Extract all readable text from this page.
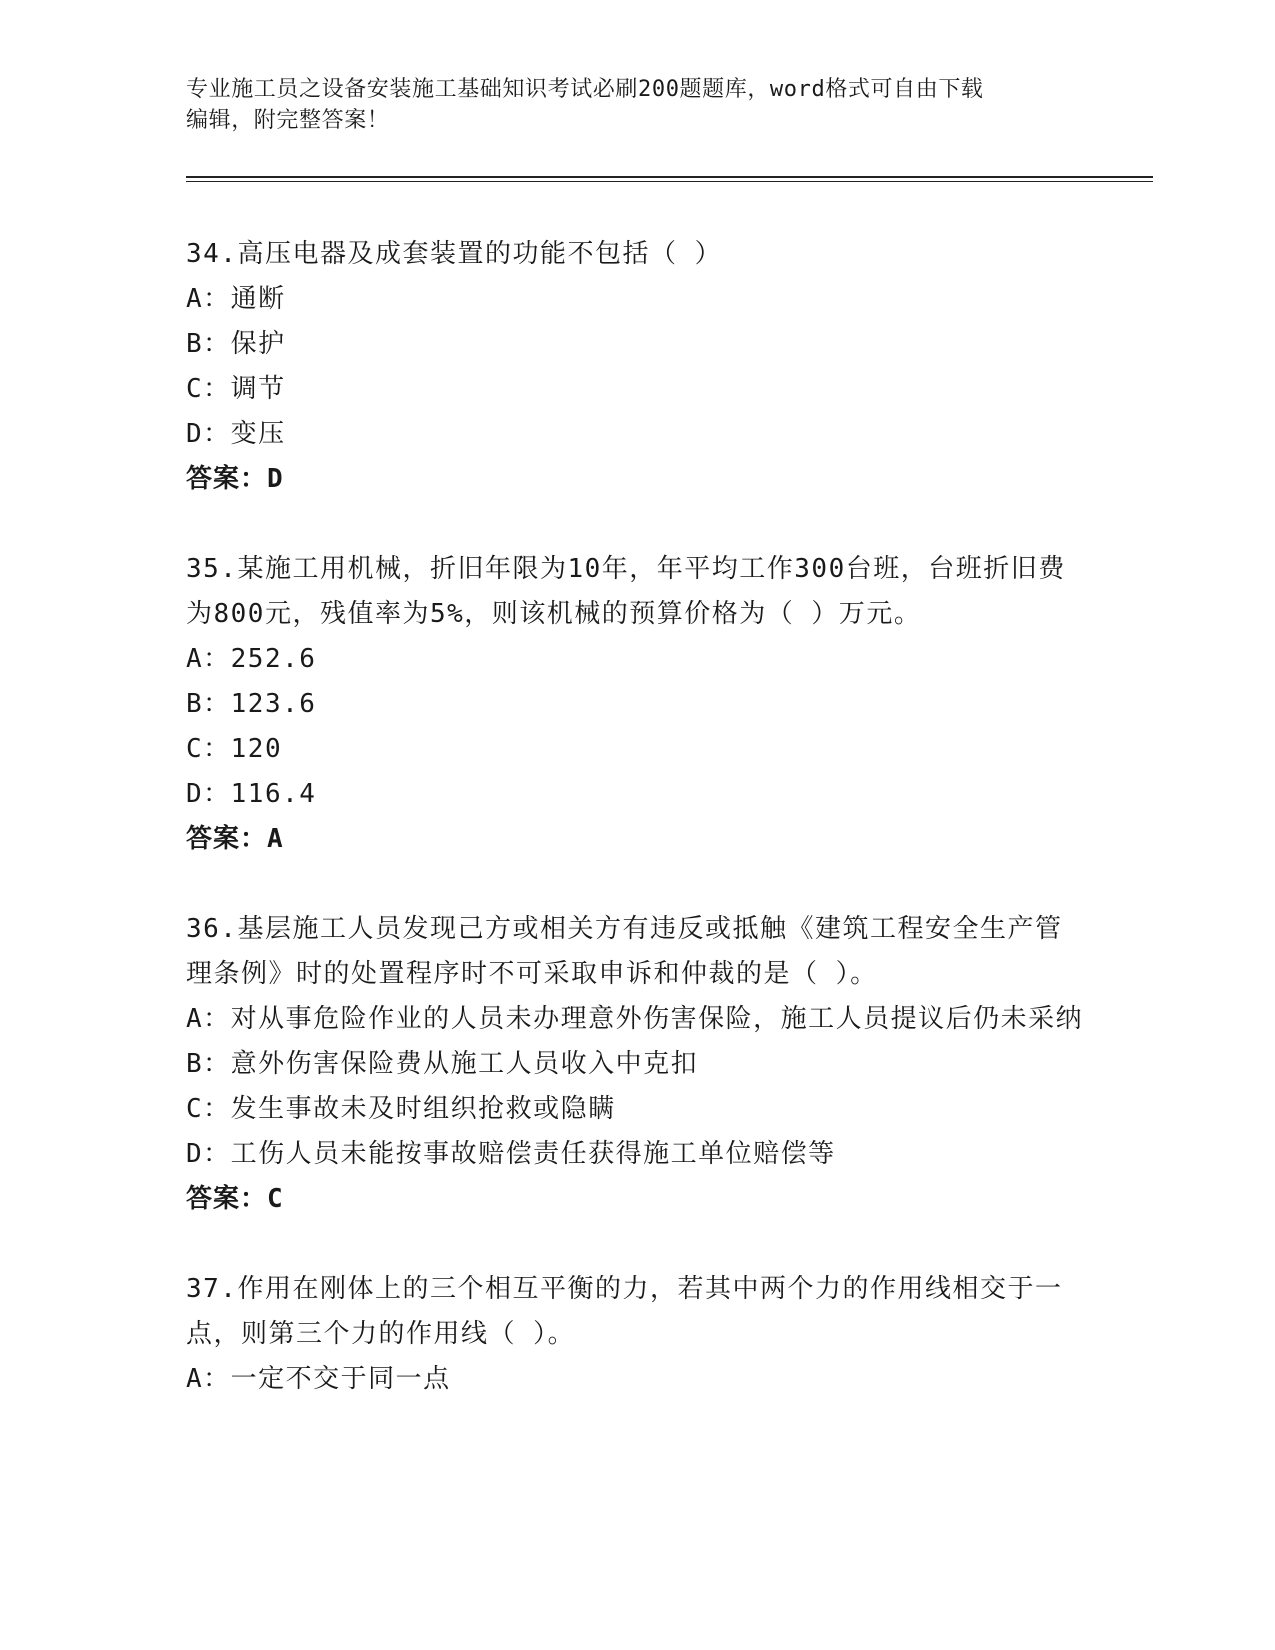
专业施工员之设备安装施工基础知识考试必刷200题题库，word格式可自由下载
编辑，附完整答案！
34.高压电器及成套装置的功能不包括（ ）
A： 通断
B： 保护
C： 调节
D： 变压
答案：D
35.某施工用机械，折旧年限为10年，年平均工作300台班，台班折旧费为800元，残值率为5%，则该机械的预算价格为（ ）万元。
A： 252.6
B： 123.6
C： 120
D： 116.4
答案：A
36.基层施工人员发现己方或相关方有违反或抵触《建筑工程安全生产管理条例》时的处置程序时不可采取申诉和仲裁的是（ ）。
A： 对从事危险作业的人员未办理意外伤害保险，施工人员提议后仍未采纳
B： 意外伤害保险费从施工人员收入中克扣
C： 发生事故未及时组织抢救或隐瞒
D： 工伤人员未能按事故赔偿责任获得施工单位赔偿等
答案：C
37.作用在刚体上的三个相互平衡的力，若其中两个力的作用线相交于一点，则第三个力的作用线（ ）。
A： 一定不交于同一点
